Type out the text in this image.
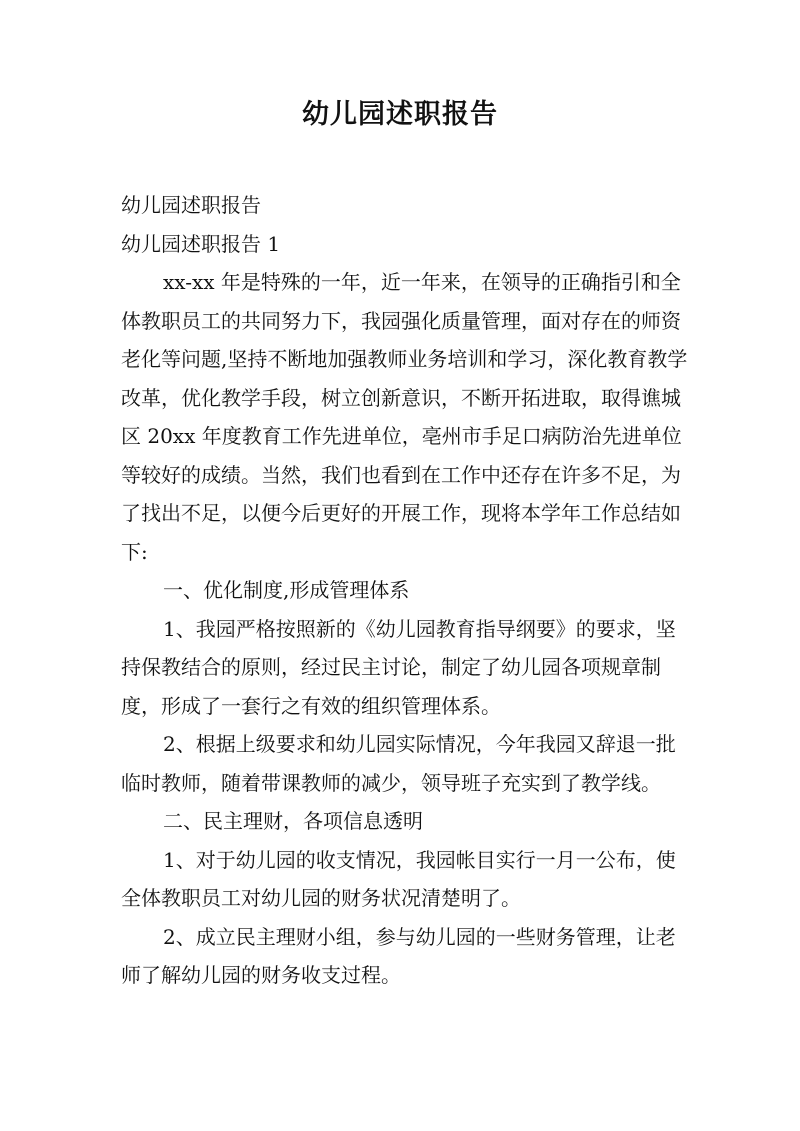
幼儿园述职报告

幼儿园述职报告

幼儿园述职报告 1

xx-xx 年是特殊的一年，近一年来，在领导的正确指引和全体教职员工的共同努力下，我园强化质量管理，面对存在的师资老化等问题,坚持不断地加强教师业务培训和学习，深化教育教学改革，优化教学手段，树立创新意识，不断开拓进取，取得谯城区 20xx 年度教育工作先进单位，亳州市手足口病防治先进单位等较好的成绩。当然，我们也看到在工作中还存在许多不足，为了找出不足，以便今后更好的开展工作，现将本学年工作总结如下:

一、优化制度,形成管理体系

1、我园严格按照新的《幼儿园教育指导纲要》的要求，坚持保教结合的原则，经过民主讨论，制定了幼儿园各项规章制度，形成了一套行之有效的组织管理体系。

2、根据上级要求和幼儿园实际情况，今年我园又辞退一批临时教师，随着带课教师的减少，领导班子充实到了教学线。

二、民主理财，各项信息透明

1、对于幼儿园的收支情况，我园帐目实行一月一公布，使全体教职员工对幼儿园的财务状况清楚明了。

2、成立民主理财小组，参与幼儿园的一些财务管理，让老师了解幼儿园的财务收支过程。
